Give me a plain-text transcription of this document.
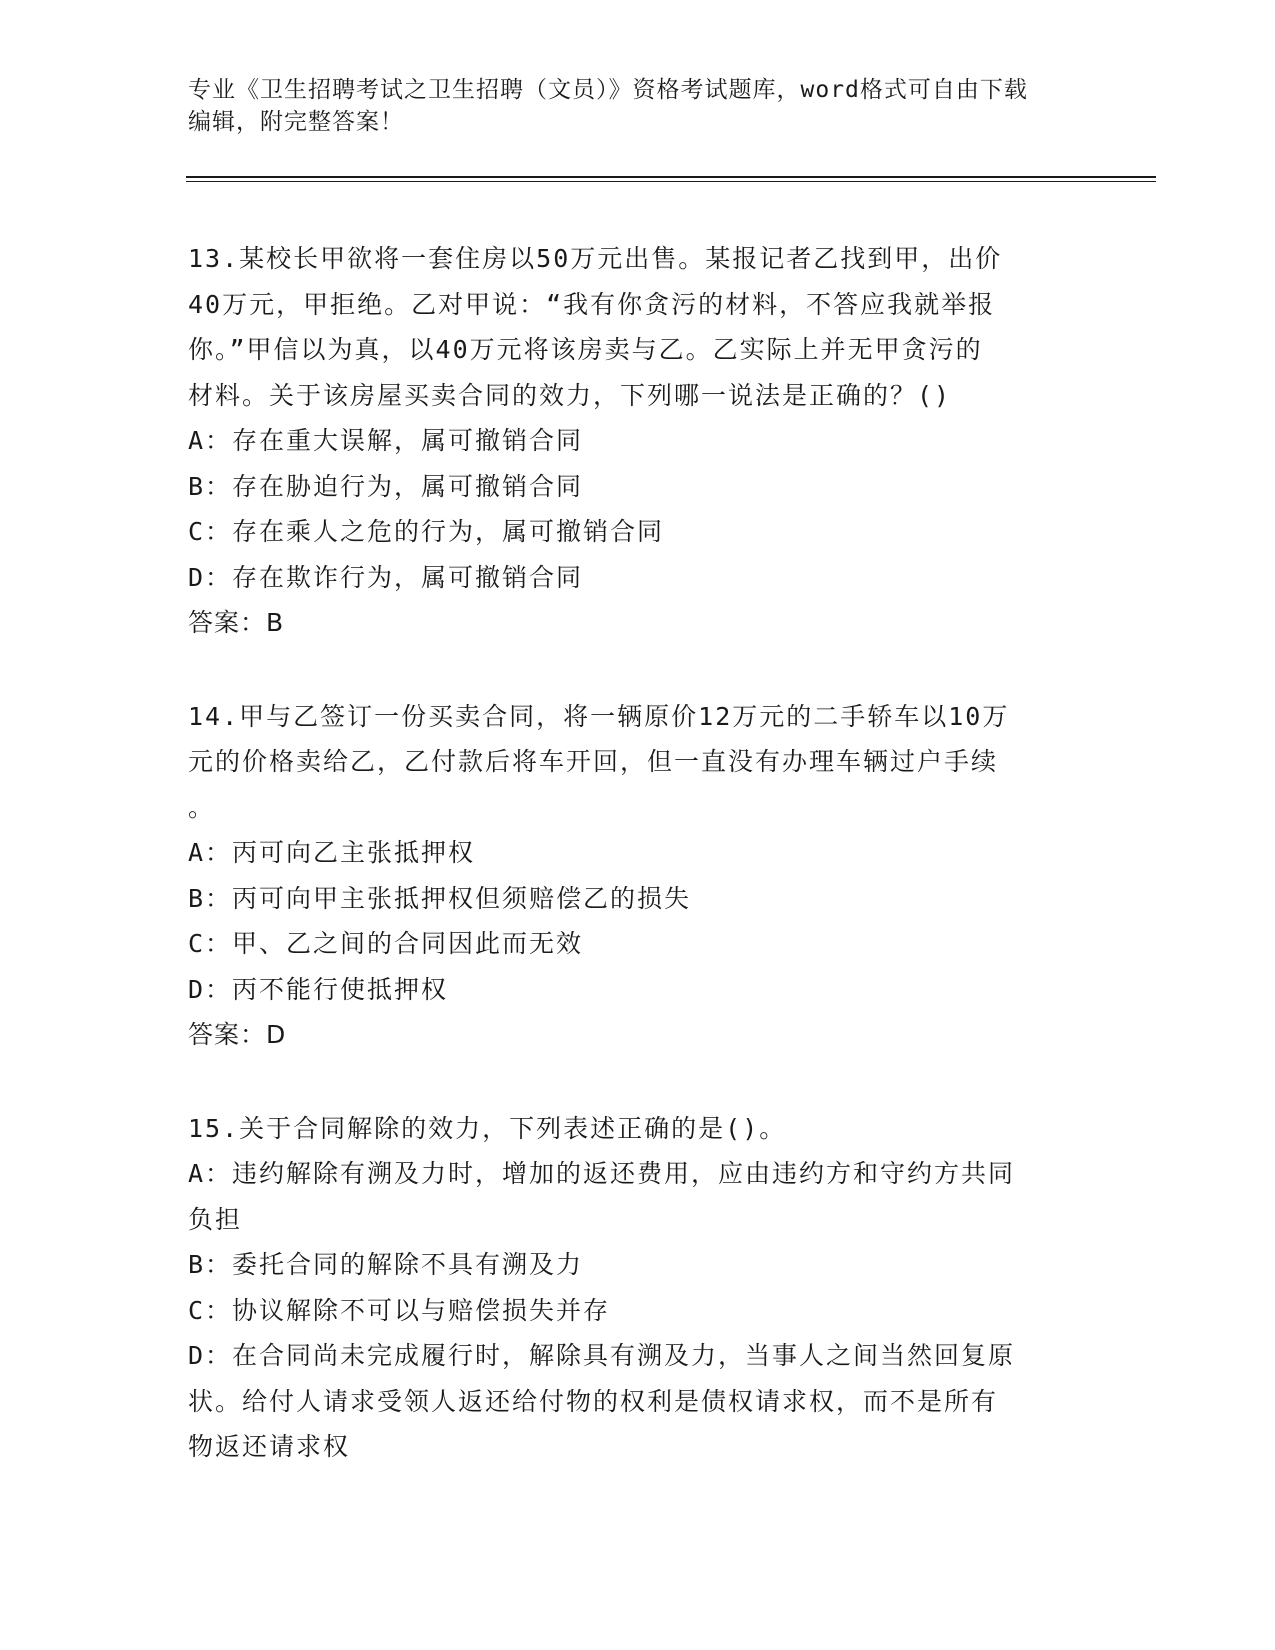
专业《卫生招聘考试之卫生招聘（文员）》资格考试题库，word格式可自由下载
编辑，附完整答案！
13.某校长甲欲将一套住房以50万元出售。某报记者乙找到甲，出价
40万元，甲拒绝。乙对甲说：“我有你贪污的材料，不答应我就举报
你。”甲信以为真，以40万元将该房卖与乙。乙实际上并无甲贪污的
材料。关于该房屋买卖合同的效力，下列哪一说法是正确的？()
A：存在重大误解，属可撤销合同
B：存在胁迫行为，属可撤销合同
C：存在乘人之危的行为，属可撤销合同
D：存在欺诈行为，属可撤销合同
答案：B
14.甲与乙签订一份买卖合同，将一辆原价12万元的二手轿车以10万
元的价格卖给乙，乙付款后将车开回，但一直没有办理车辆过户手续
。
A：丙可向乙主张抵押权
B：丙可向甲主张抵押权但须赔偿乙的损失
C：甲、乙之间的合同因此而无效
D：丙不能行使抵押权
答案：D
15.关于合同解除的效力，下列表述正确的是()。
A：违约解除有溯及力时，增加的返还费用，应由违约方和守约方共同
负担
B：委托合同的解除不具有溯及力
C：协议解除不可以与赔偿损失并存
D：在合同尚未完成履行时，解除具有溯及力，当事人之间当然回复原
状。给付人请求受领人返还给付物的权利是债权请求权，而不是所有
物返还请求权
